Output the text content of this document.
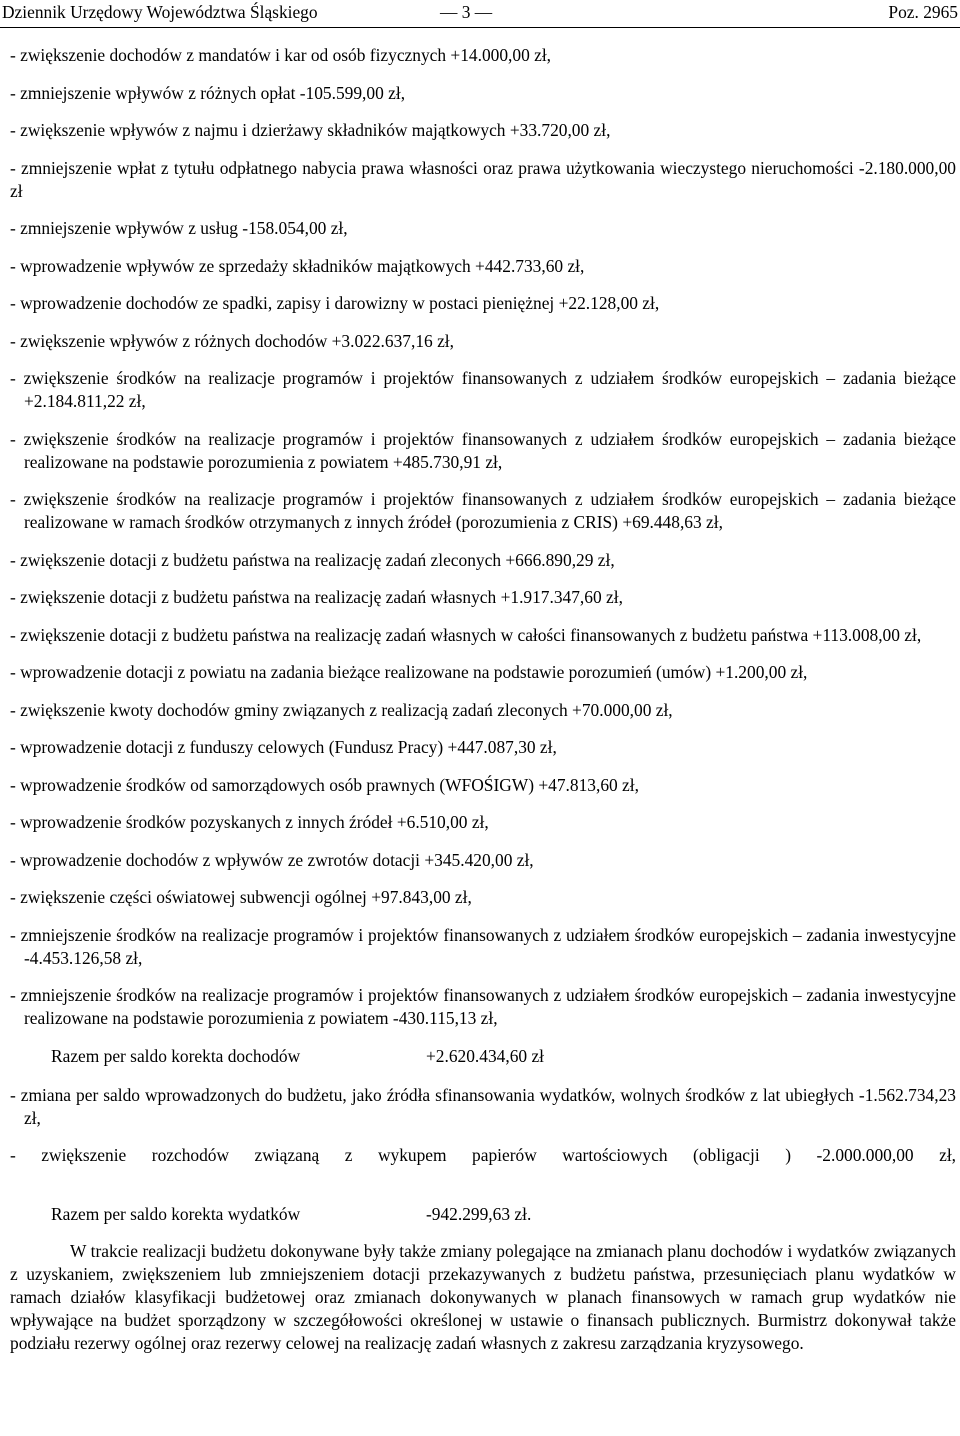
Dziennik Urzędowy Województwa Śląskiego	— 3 —	Poz. 2965
- zwiększenie dochodów z mandatów i kar od osób fizycznych +14.000,00 zł,
- zmniejszenie wpływów z różnych opłat -105.599,00 zł,
- zwiększenie wpływów z najmu i dzierżawy składników majątkowych +33.720,00 zł,
- zmniejszenie wpłat z tytułu odpłatnego nabycia prawa własności oraz prawa użytkowania wieczystego nieruchomości -2.180.000,00 zł
- zmniejszenie wpływów z usług -158.054,00 zł,
- wprowadzenie wpływów ze sprzedaży składników majątkowych +442.733,60 zł,
- wprowadzenie dochodów ze spadki, zapisy i darowizny w postaci pieniężnej +22.128,00 zł,
- zwiększenie wpływów z różnych dochodów +3.022.637,16 zł,
- zwiększenie środków na realizacje programów i projektów finansowanych z udziałem środków europejskich – zadania bieżące +2.184.811,22 zł,
- zwiększenie środków na realizacje programów i projektów finansowanych z udziałem środków europejskich – zadania bieżące realizowane na podstawie porozumienia z powiatem +485.730,91 zł,
- zwiększenie środków na realizacje programów i projektów finansowanych z udziałem środków europejskich – zadania bieżące realizowane w ramach środków otrzymanych z innych źródeł (porozumienia z CRIS) +69.448,63 zł,
- zwiększenie dotacji z budżetu państwa na realizację zadań zleconych +666.890,29 zł,
- zwiększenie dotacji z budżetu państwa na realizację zadań własnych +1.917.347,60 zł,
- zwiększenie dotacji z budżetu państwa na realizację zadań własnych w całości finansowanych z budżetu państwa +113.008,00 zł,
- wprowadzenie dotacji z powiatu na zadania bieżące realizowane na podstawie porozumień (umów) +1.200,00 zł,
- zwiększenie kwoty dochodów gminy związanych z realizacją zadań zleconych +70.000,00 zł,
- wprowadzenie dotacji z funduszy celowych (Fundusz Pracy) +447.087,30 zł,
- wprowadzenie środków od samorządowych osób prawnych (WFOŚIGW) +47.813,60 zł,
- wprowadzenie środków pozyskanych z innych źródeł +6.510,00 zł,
- wprowadzenie dochodów z wpływów ze zwrotów dotacji +345.420,00 zł,
- zwiększenie części oświatowej subwencji ogólnej +97.843,00 zł,
- zmniejszenie środków na realizacje programów i projektów finansowanych z udziałem środków europejskich – zadania inwestycyjne -4.453.126,58 zł,
- zmniejszenie środków na realizacje programów i projektów finansowanych z udziałem środków europejskich – zadania inwestycyjne realizowane na podstawie porozumienia z powiatem -430.115,13 zł,
Razem per saldo korekta dochodów	+2.620.434,60 zł
- zmiana per saldo wprowadzonych do budżetu, jako źródła sfinansowania wydatków, wolnych środków z lat ubiegłych -1.562.734,23 zł,
- zwiększenie rozchodów związaną z wykupem papierów wartościowych (obligacji ) -2.000.000,00 zł,
Razem per saldo korekta wydatków	-942.299,63 zł.
W trakcie realizacji budżetu dokonywane były także zmiany polegające na zmianach planu dochodów i wydatków związanych z uzyskaniem, zwiększeniem lub zmniejszeniem dotacji przekazywanych z budżetu państwa, przesunięciach planu wydatków w ramach działów klasyfikacji budżetowej oraz zmianach dokonywanych w planach finansowych w ramach grup wydatków nie wpływające na budżet sporządzony w szczegółowości określonej w ustawie o finansach publicznych. Burmistrz dokonywał także podziału rezerwy ogólnej oraz rezerwy celowej na realizację zadań własnych z zakresu zarządzania kryzysowego.
